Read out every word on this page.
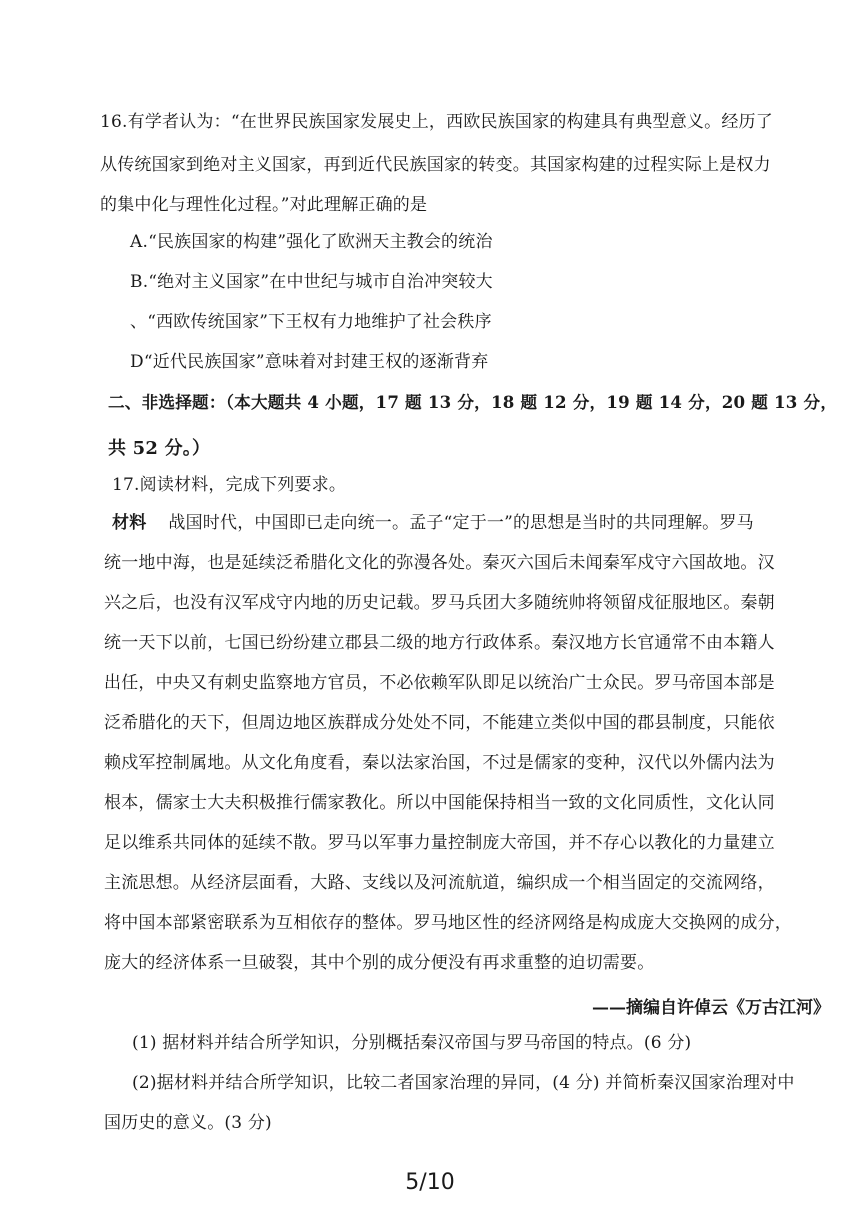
16.有学者认为：“在世界民族国家发展史上，西欧民族国家的构建具有典型意义。经历了
从传统国家到绝对主义国家，再到近代民族国家的转变。其国家构建的过程实际上是权力
的集中化与理性化过程。”对此理解正确的是
A.“民族国家的构建”强化了欧洲天主教会的统治
B.“绝对主义国家”在中世纪与城市自治冲突较大
、“西欧传统国家”下王权有力地维护了社会秩序
D“近代民族国家”意味着对封建王权的逐渐背弃
二、非选择题：（本大题共 4 小题，17 题 13 分，18 题 12 分，19 题 14 分，20 题 13 分，
共 52 分。）
17.阅读材料，完成下列要求。
材料 战国时代，中国即已走向统一。孟子“定于一”的思想是当时的共同理解。罗马
统一地中海，也是延续泛希腊化文化的弥漫各处。秦灭六国后未闻秦军戍守六国故地。汉
兴之后，也没有汉军戍守内地的历史记载。罗马兵团大多随统帅将领留戍征服地区。秦朝
统一天下以前，七国已纷纷建立郡县二级的地方行政体系。秦汉地方长官通常不由本籍人
出任，中央又有刺史监察地方官员，不必依赖军队即足以统治广士众民。罗马帝国本部是
泛希腊化的天下，但周边地区族群成分处处不同，不能建立类似中国的郡县制度，只能依
赖戍军控制属地。从文化角度看，秦以法家治国，不过是儒家的变种，汉代以外儒内法为
根本，儒家士大夫积极推行儒家教化。所以中国能保持相当一致的文化同质性，文化认同
足以维系共同体的延续不散。罗马以军事力量控制庞大帝国，并不存心以教化的力量建立
主流思想。从经济层面看，大路、支线以及河流航道，编织成一个相当固定的交流网络，
将中国本部紧密联系为互相依存的整体。罗马地区性的经济网络是构成庞大交换网的成分，
庞大的经济体系一旦破裂，其中个别的成分便没有再求重整的迫切需要。
——摘编自许倬云《万古江河》
(1) 据材料并结合所学知识，分别概括秦汉帝国与罗马帝国的特点。(6 分)
(2)据材料并结合所学知识，比较二者国家治理的异同，(4 分) 并简析秦汉国家治理对中
国历史的意义。(3 分)
5/10
